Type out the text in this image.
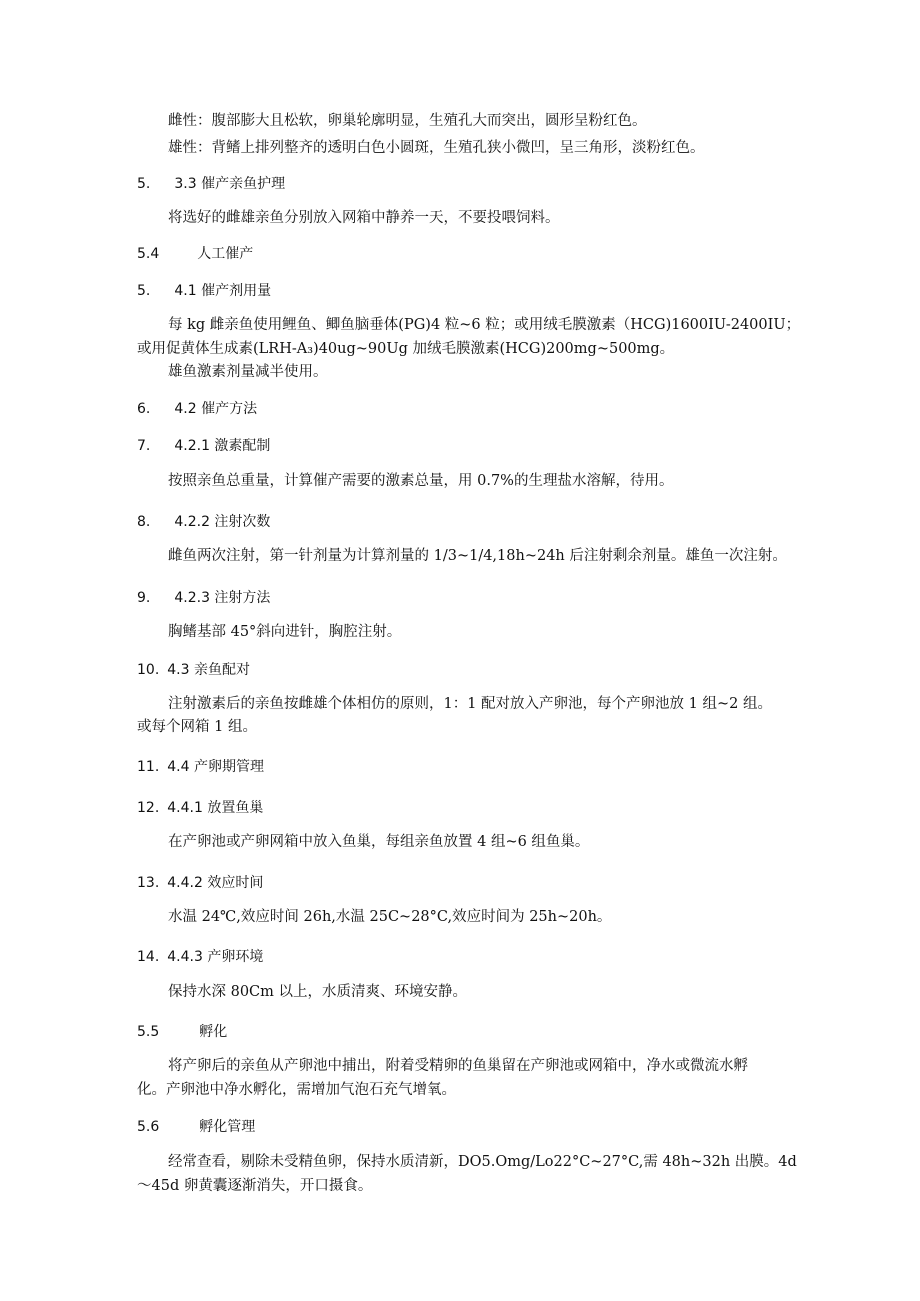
雌性：腹部膨大且松软，卵巢轮廓明显，生殖孔大而突出，圆形呈粉红色。
雄性：背鳍上排列整齐的透明白色小圆斑，生殖孔狭小微凹，呈三角形，淡粉红色。
5. 3.3 催产亲鱼护理
将选好的雌雄亲鱼分别放入网箱中静养一天，不要投喂饲料。
5.4	人工催产
5. 4.1 催产剂用量
每 kg 雌亲鱼使用鲤鱼、鲫鱼脑垂体(PG)4 粒~6 粒；或用绒毛膜激素（HCG)1600IU-2400IU；
或用促黄体生成素(LRH-A₃)40ug~90Ug 加绒毛膜激素(HCG)200mg~500mg。
雄鱼激素剂量减半使用。
6. 4.2 催产方法
7. 4.2.1 激素配制
按照亲鱼总重量，计算催产需要的激素总量，用 0.7%的生理盐水溶解，待用。
8. 4.2.2 注射次数
雌鱼两次注射，第一针剂量为计算剂量的 1/3~1/4,18h~24h 后注射剩余剂量。雄鱼一次注射。
9. 4.2.3 注射方法
胸鳍基部 45°斜向进针，胸腔注射。
10. 4.3 亲鱼配对
注射激素后的亲鱼按雌雄个体相仿的原则，1：1 配对放入产卵池，每个产卵池放 1 组~2 组。
或每个网箱 1 组。
11. 4.4 产卵期管理
12. 4.4.1 放置鱼巢
在产卵池或产卵网箱中放入鱼巢，每组亲鱼放置 4 组~6 组鱼巢。
13. 4.4.2 效应时间
水温 24℃,效应时间 26h,水温 25C~28°C,效应时间为 25h~20h。
14. 4.4.3 产卵环境
保持水深 80Cm 以上，水质清爽、环境安静。
5.5	孵化
将产卵后的亲鱼从产卵池中捕出，附着受精卵的鱼巢留在产卵池或网箱中，净水或微流水孵
化。产卵池中净水孵化，需增加气泡石充气增氧。
5.6	孵化管理
经常查看，剔除未受精鱼卵，保持水质清新，DO5.Omg/Lo22°C~27°C,需 48h~32h 出膜。4d
～45d 卵黄囊逐渐消失，开口摄食。
